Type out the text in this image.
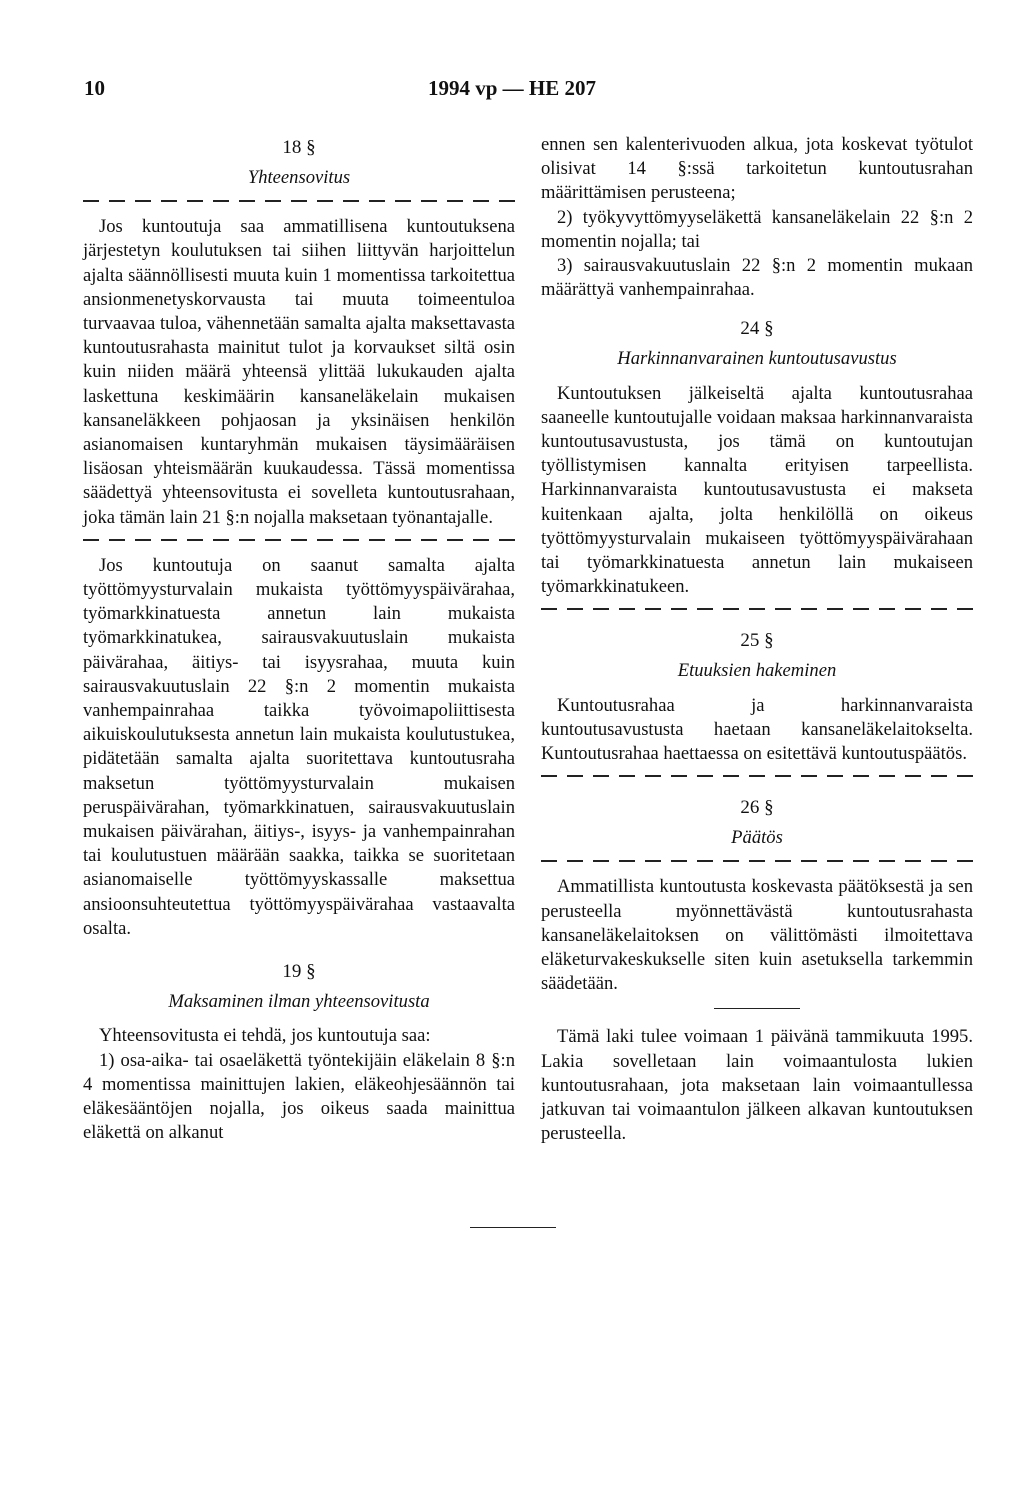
10	1994 vp — HE 207
18 §
Yhteensovitus

Jos kuntoutuja saa ammatillisena kuntoutuksena järjestetyn koulutuksen tai siihen liittyvän harjoittelun ajalta säännöllisesti muuta kuin 1 momentissa tarkoitettua ansionmenetyskorvausta tai muuta toimeentuloa turvaavaa tuloa, vähennetään samalta ajalta maksettavasta kuntoutusrahasta mainitut tulot ja korvaukset siltä osin kuin niiden määrä yhteensä ylittää lukukauden ajalta laskettuna keskimäärin kansaneläkelain mukaisen kansaneläkkeen pohjaosan ja yksinäisen henkilön asianomaisen kuntaryhmän mukaisen täysimääräisen lisäosan yhteismäärän kuukaudessa. Tässä momentissa säädettyä yhteensovitusta ei sovelleta kuntoutusrahaan, joka tämän lain 21 §:n nojalla maksetaan työnantajalle.

Jos kuntoutuja on saanut samalta ajalta työttömyysturvalain mukaista työttömyyspäivärahaa, työmarkkinatuesta annetun lain mukaista työmarkkinatukea, sairausvakuutuslain mukaista päivärahaa, äitiys- tai isyysrahaa, muuta kuin sairausvakuutuslain 22 §:n 2 momentin mukaista vanhempainrahaa taikka työvoimapoliittisesta aikuiskoulutuksesta annetun lain mukaista koulutustukea, pidätetään samalta ajalta suoritettava kuntoutusraha maksetun työttömyysturvalain mukaisen peruspäivärahan, työmarkkinatuen, sairausvakuutuslain mukaisen päivärahan, äitiys-, isyys- ja vanhempainrahan tai koulutustuen määrään saakka, taikka se suoritetaan asianomaiselle työttömyyskassalle maksettua ansioonsuhteutettua työttömyyspäivärahaa vastaavalta osalta.

19 §
Maksaminen ilman yhteensovitusta

Yhteensovitusta ei tehdä, jos kuntoutuja saa:

1) osa-aika- tai osaeläkettä työntekijäin eläkelain 8 §:n 4 momentissa mainittujen lakien, eläkeohjesäännön tai eläkesääntöjen nojalla, jos oikeus saada mainittua eläkettä on alkanut

ennen sen kalenterivuoden alkua, jota koskevat työtulot olisivat 14 §:ssä tarkoitetun kuntoutusrahan määrittämisen perusteena;

2) työkyvyttömyyseläkettä kansaneläkelain 22 §:n 2 momentin nojalla; tai

3) sairausvakuutuslain 22 §:n 2 momentin mukaan määrättyä vanhempainrahaa.

24 §
Harkinnanvarainen kuntoutusavustus

Kuntoutuksen jälkeiseltä ajalta kuntoutusrahaa saaneelle kuntoutujalle voidaan maksaa harkinnanvaraista kuntoutusavustusta, jos tämä on kuntoutujan työllistymisen kannalta erityisen tarpeellista. Harkinnanvaraista kuntoutusavustusta ei makseta kuitenkaan ajalta, jolta henkilöllä on oikeus työttömyysturvalain mukaiseen työttömyyspäivärahaan tai työmarkkinatuesta annetun lain mukaiseen työmarkkinatukeen.

25 §
Etuuksien hakeminen

Kuntoutusrahaa ja harkinnanvaraista kuntoutusavustusta haetaan kansaneläkelaitokselta. Kuntoutusrahaa haettaessa on esitettävä kuntoutuspäätös.

26 §
Päätös

Ammatillista kuntoutusta koskevasta päätöksestä ja sen perusteella myönnettävästä kuntoutusrahasta kansaneläkelaitoksen on välittömästi ilmoitettava eläketurvakeskukselle siten kuin asetuksella tarkemmin säädetään.

Tämä laki tulee voimaan 1 päivänä tammikuuta 1995. Lakia sovelletaan lain voimaantulosta lukien kuntoutusrahaan, jota maksetaan lain voimaantullessa jatkuvan tai voimaantulon jälkeen alkavan kuntoutuksen perusteella.
